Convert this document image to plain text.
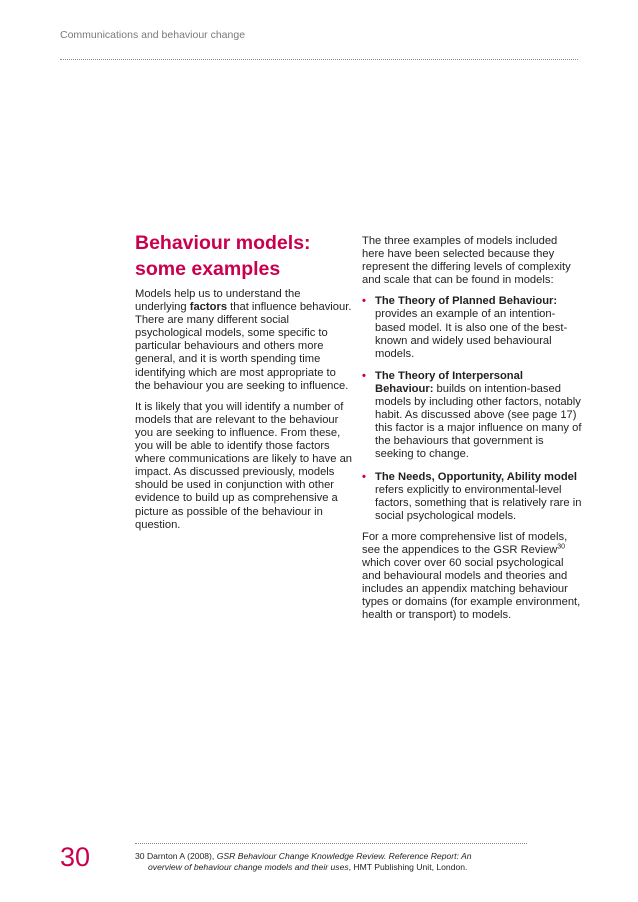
Communications and behaviour change
Behaviour models:
some examples

Models help us to understand the underlying factors that influence behaviour. There are many different social psychological models, some specific to particular behaviours and others more general, and it is worth spending time identifying which are most appropriate to the behaviour you are seeking to influence.

It is likely that you will identify a number of models that are relevant to the behaviour you are seeking to influence. From these, you will be able to identify those factors where communications are likely to have an impact. As discussed previously, models should be used in conjunction with other evidence to build up as comprehensive a picture as possible of the behaviour in question.

The three examples of models included here have been selected because they represent the differing levels of complexity and scale that can be found in models:

• The Theory of Planned Behaviour: provides an example of an intention-based model. It is also one of the best-known and widely used behavioural models.
• The Theory of Interpersonal Behaviour: builds on intention-based models by including other factors, notably habit. As discussed above (see page 17) this factor is a major influence on many of the behaviours that government is seeking to change.
• The Needs, Opportunity, Ability model refers explicitly to environmental-level factors, something that is relatively rare in social psychological models.

For a more comprehensive list of models, see the appendices to the GSR Review$^{30}$ which cover over 60 social psychological and behavioural models and theories and includes an appendix matching behaviour types or domains (for example environment, health or transport) to models.

30	30 Darnton A (2008), GSR Behaviour Change Knowledge Review. Reference Report: An
overview of behaviour change models and their uses, HMT Publishing Unit, London.
